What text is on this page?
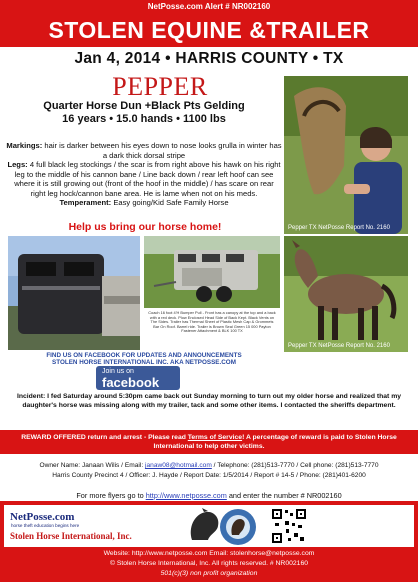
NetPosse.com Alert # NR002160
STOLEN EQUINE &TRAILER
Jan 4, 2014 • HARRIS COUNTY • TX
PEPPER
Quarter Horse Dun +Black Pts Gelding
16 years • 15.0 hands • 1100 lbs
Markings: hair is darker between his eyes down to nose looks grulla in winter has a dark thick dorsal stripe
Legs: 4 full black leg stockings / the scar is from right above his hawk on his right leg to the middle of his cannon bane / Line back down / rear left hoof can see where it is still growing out (front of the hoof in the middle) / has scare on rear right leg hock/cannon bane area. He is lame when not on his meds.
Temperament: Easy going/Kid Safe Family Horse
Help us bring our horse home!	Pepper TX NetPosse Report No. 2160
Pepper TX NetPosse Report No. 2160
Coach 16 foot 4'H Bumper Pull - Front has a canopy at the top and a back with a red deck. Plow Enclosed Head Side of Back Kept. Black Vents on The Sides. Trailer has Thermal Sheet of Plastic Mesh Cap & Grommets Bar On Roof. Barrel ride. Trailer is Brown Seal Green 15 000 Payton Fastener Attachment & BLK 100 TX
FIND US ON FACEBOOK FOR UPDATES AND ANNOUNCEMENTS
STOLEN HORSE INTERNATIONAL INC. AKA NETPOSSE.COM
Join us on
facebook
Incident: I fed Saturday around 5:30pm came back out Sunday morning to turn out my older horse and realized that my daughter's horse was missing along with my trailer, tack and some other items. I contacted the sheriffs department.
REWARD OFFERED return and arrest - Please read Terms of Service! A percentage of reward is paid to Stolen Horse International to help other victims.
Owner Name: Janaan Wilis / Email: janaw08@hotmail.com / Telephone: (281)513-7770 / Cell phone: (281)513-7770
Harris County Precinct 4 / Officer: J. Hayde / Report Date: 1/5/2014 / Report # 14-5 / Phone: (281)401-6200
For more flyers go to http://www.netposse.com and enter the number # NR002160
NetPosse.com
horse theft education begins here
Stolen Horse International, Inc.
Website: http://www.netposse.com Email: stolenhorse@netposse.com
© Stolen Horse International, Inc. All rights reserved. # NR002160
501(c)(3) non profit organization
